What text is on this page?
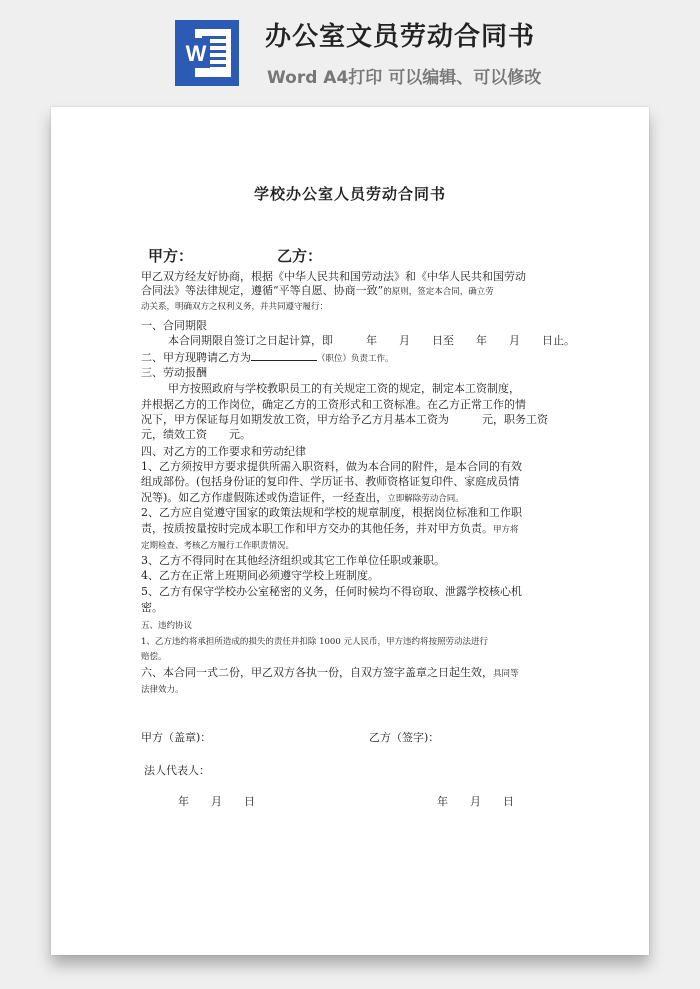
W
办公室文员劳动合同书
Word A4打印 可以编辑、可以修改
学校办公室人员劳动合同书
甲方：	乙方：
甲乙双方经友好协商，根据《中华人民共和国劳动法》和《中华人民共和国劳动
合同法》等法律规定，遵循“平等自愿、协商一致”的原则，签定本合同，确立劳
动关系，明确双方之权利义务，并共同遵守履行：
一、合同期限
本合同期限自签订之日起计算，即　　　年　　月　　日至　　年　　月　　日止。
二、甲方现聘请乙方为	（职位）负责工作。
三、劳动报酬
甲方按照政府与学校教职员工的有关规定工资的规定，制定本工资制度，
并根据乙方的工作岗位，确定乙方的工资形式和工资标准。在乙方正常工作的情
况下，甲方保证每月如期发放工资，甲方给予乙方月基本工资为　　　元，职务工资
元，绩效工资　　元。
四、对乙方的工作要求和劳动纪律
1、乙方须按甲方要求提供所需入职资料，做为本合同的附件，是本合同的有效
组成部份。(包括身份证的复印件、学历证书、教师资格证复印件、家庭成员情
况等)。如乙方作虚假陈述或伪造证件，一经查出，立即解除劳动合同。
2、乙方应自觉遵守国家的政策法规和学校的规章制度，根据岗位标准和工作职
责，按质按量按时完成本职工作和甲方交办的其他任务，并对甲方负责。甲方将
定期检查、考核乙方履行工作职责情况。
3、乙方不得同时在其他经济组织或其它工作单位任职或兼职。
4、乙方在正常上班期间必须遵守学校上班制度。
5、乙方有保守学校办公室秘密的义务，任何时候均不得窃取、泄露学校核心机
密。
五、违约协议
1、乙方违约将承担所造成的损失的责任并扣除 1000 元人民币，甲方违约将按照劳动法进行
赔偿。
六、本合同一式二份，甲乙双方各执一份，自双方签字盖章之日起生效，具同等
法律效力。
甲方（盖章)：	乙方（签字)：
法人代表人：
年　　月　　日	年　　月　　日
